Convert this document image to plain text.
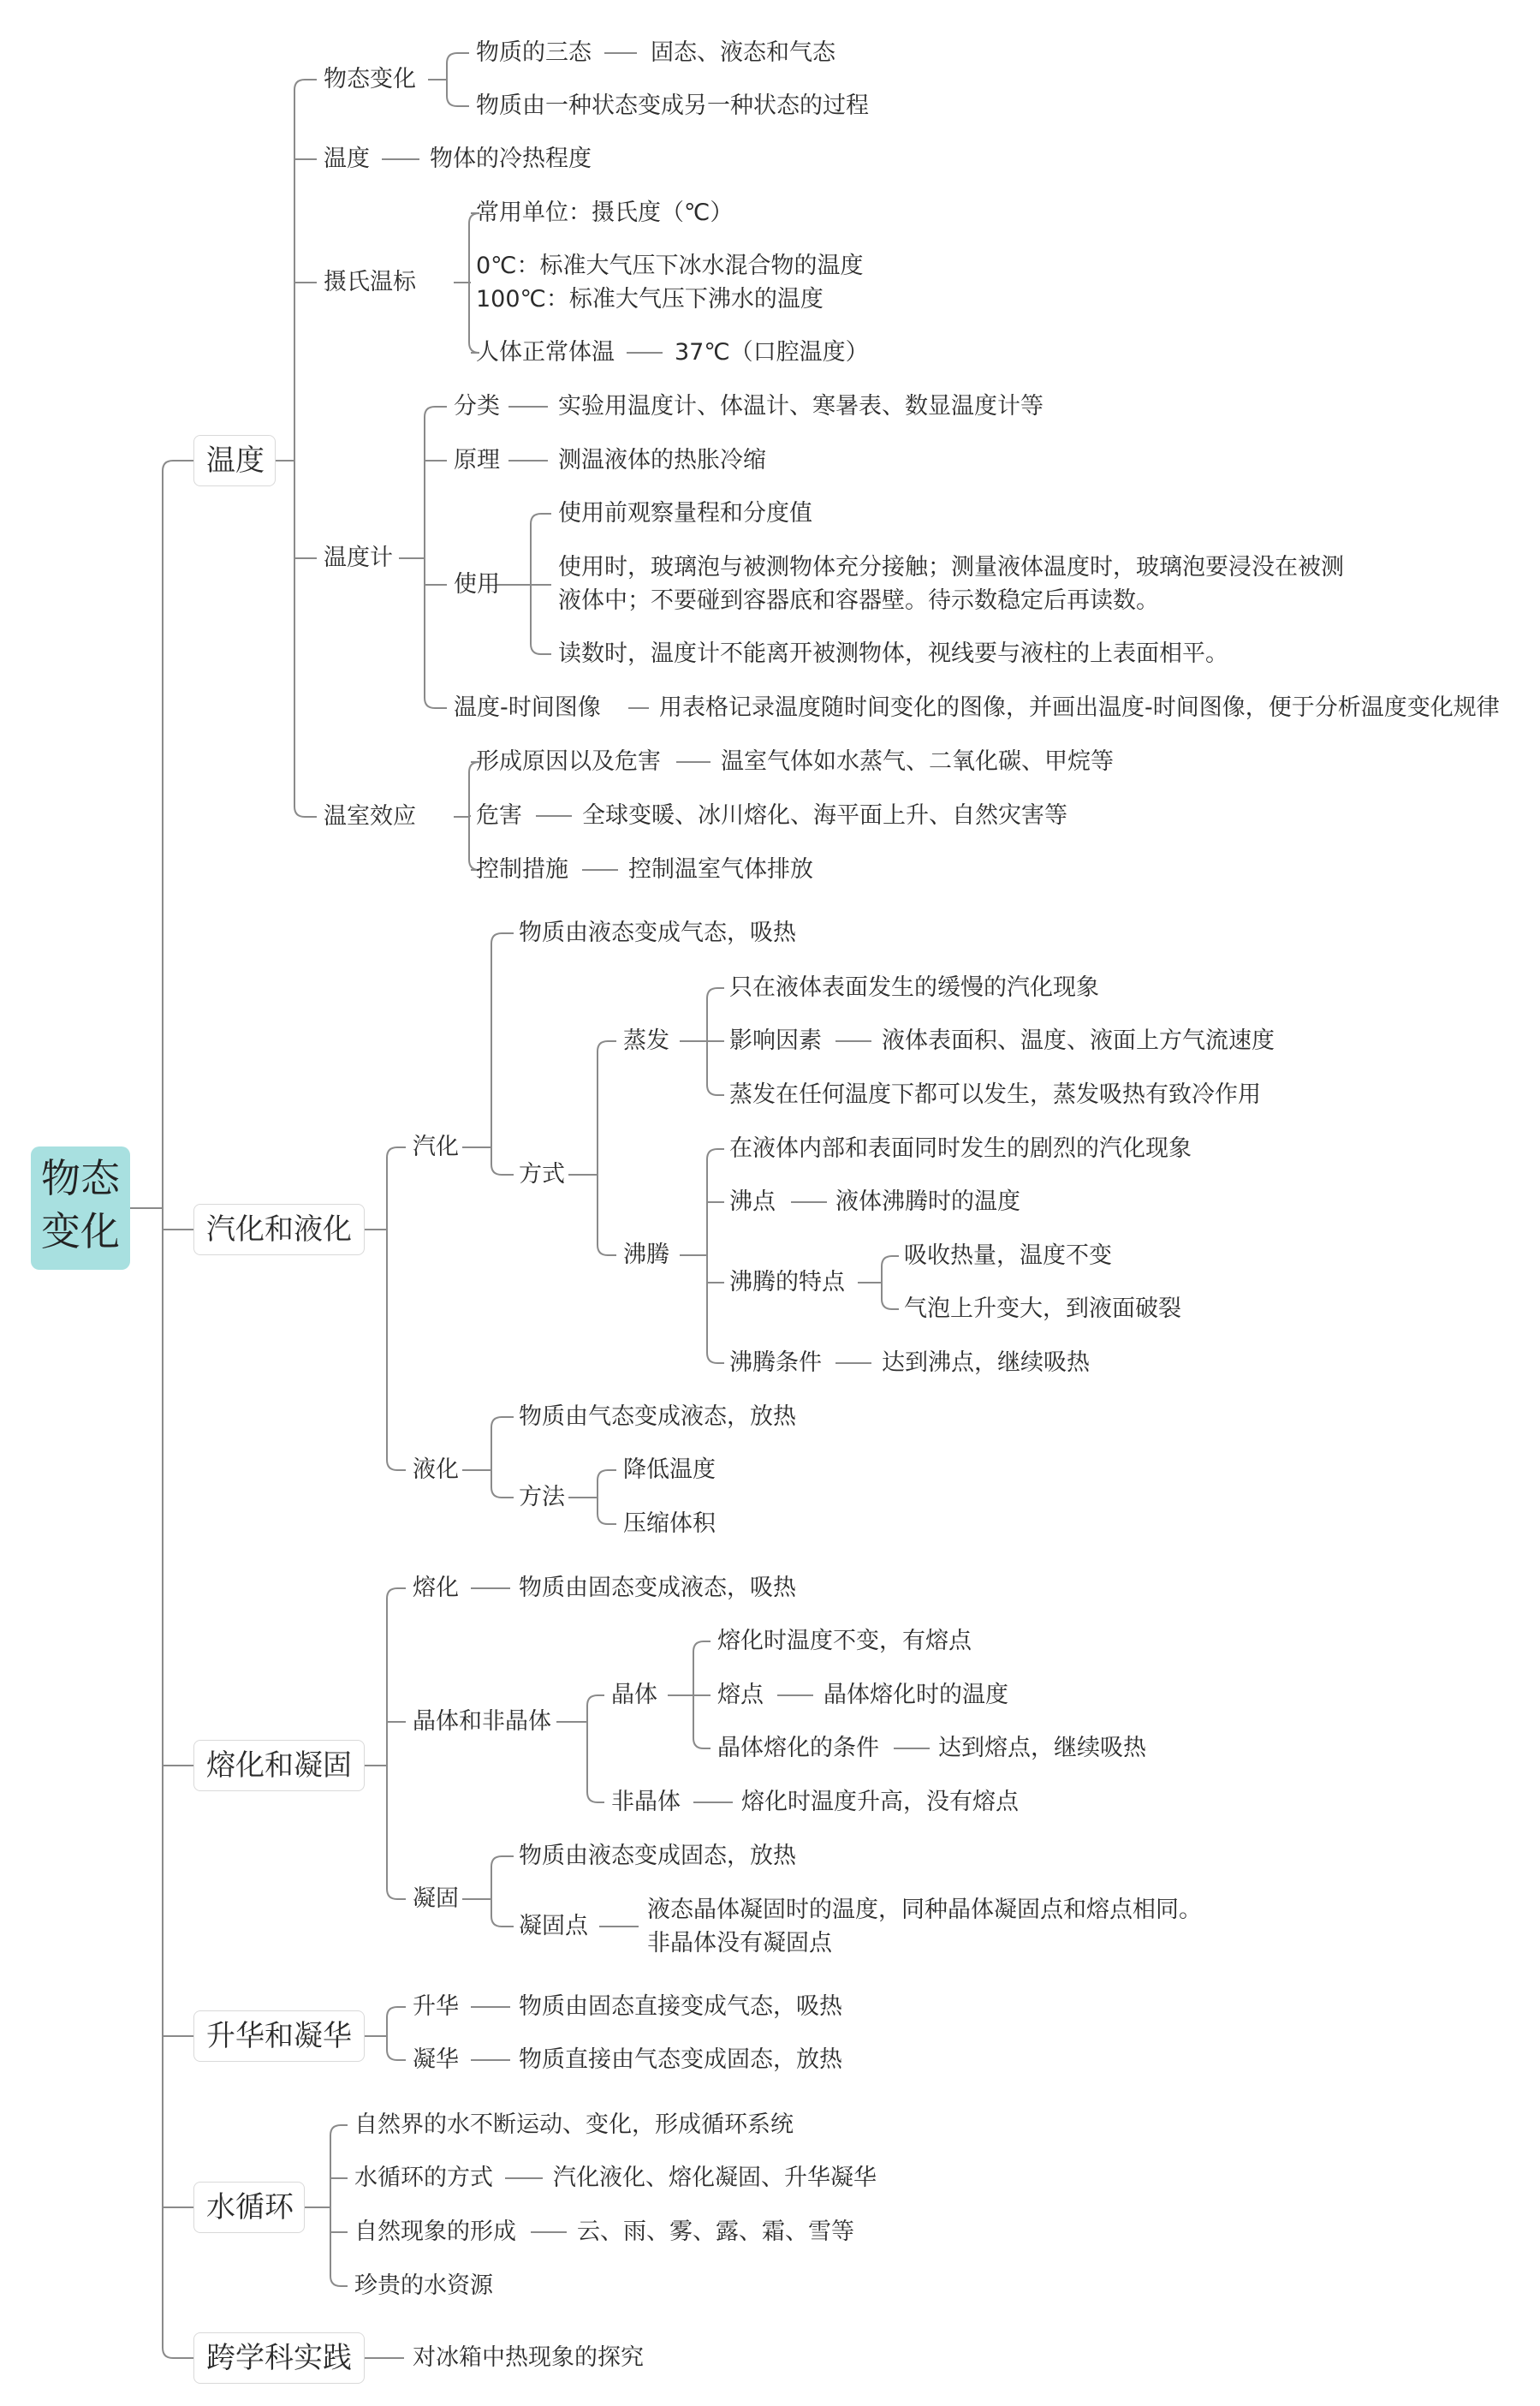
物态
变化
温度
汽化和液化
熔化和凝固
升华和凝华
水循环
跨学科实践
物态变化
物质的三态	固态、液态和气态
物质由一种状态变成另一种状态的过程
温度	物体的冷热程度
摄氏温标
常用单位：摄氏度（℃）
0℃：标准大气压下冰水混合物的温度
100℃：标准大气压下沸水的温度
人体正常体温	37℃（口腔温度）
温度计
分类	实验用温度计、体温计、寒暑表、数显温度计等
原理	测温液体的热胀冷缩
使用
使用前观察量程和分度值
使用时，玻璃泡与被测物体充分接触；测量液体温度时，玻璃泡要浸没在被测
液体中；不要碰到容器底和容器壁。待示数稳定后再读数。
读数时，温度计不能离开被测物体，视线要与液柱的上表面相平。
温度-时间图像	用表格记录温度随时间变化的图像，并画出温度-时间图像，便于分析温度变化规律
温室效应
形成原因以及危害	温室气体如水蒸气、二氧化碳、甲烷等
危害	全球变暖、冰川熔化、海平面上升、自然灾害等
控制措施	控制温室气体排放
汽化
物质由液态变成气态，吸热
方式
蒸发
只在液体表面发生的缓慢的汽化现象
影响因素	液体表面积、温度、液面上方气流速度
蒸发在任何温度下都可以发生，蒸发吸热有致冷作用
沸腾
在液体内部和表面同时发生的剧烈的汽化现象
沸点	液体沸腾时的温度
沸腾的特点
吸收热量，温度不变
气泡上升变大，到液面破裂
沸腾条件	达到沸点，继续吸热
液化
物质由气态变成液态，放热
方法
降低温度
压缩体积
熔化	物质由固态变成液态，吸热
晶体和非晶体
晶体
熔化时温度不变，有熔点
熔点	晶体熔化时的温度
晶体熔化的条件	达到熔点，继续吸热
非晶体	熔化时温度升高，没有熔点
凝固
物质由液态变成固态，放热
凝固点
液态晶体凝固时的温度，同种晶体凝固点和熔点相同。
非晶体没有凝固点
升华	物质由固态直接变成气态，吸热
凝华	物质直接由气态变成固态，放热
自然界的水不断运动、变化，形成循环系统
水循环的方式	汽化液化、熔化凝固、升华凝华
自然现象的形成	云、雨、雾、露、霜、雪等
珍贵的水资源
对冰箱中热现象的探究
